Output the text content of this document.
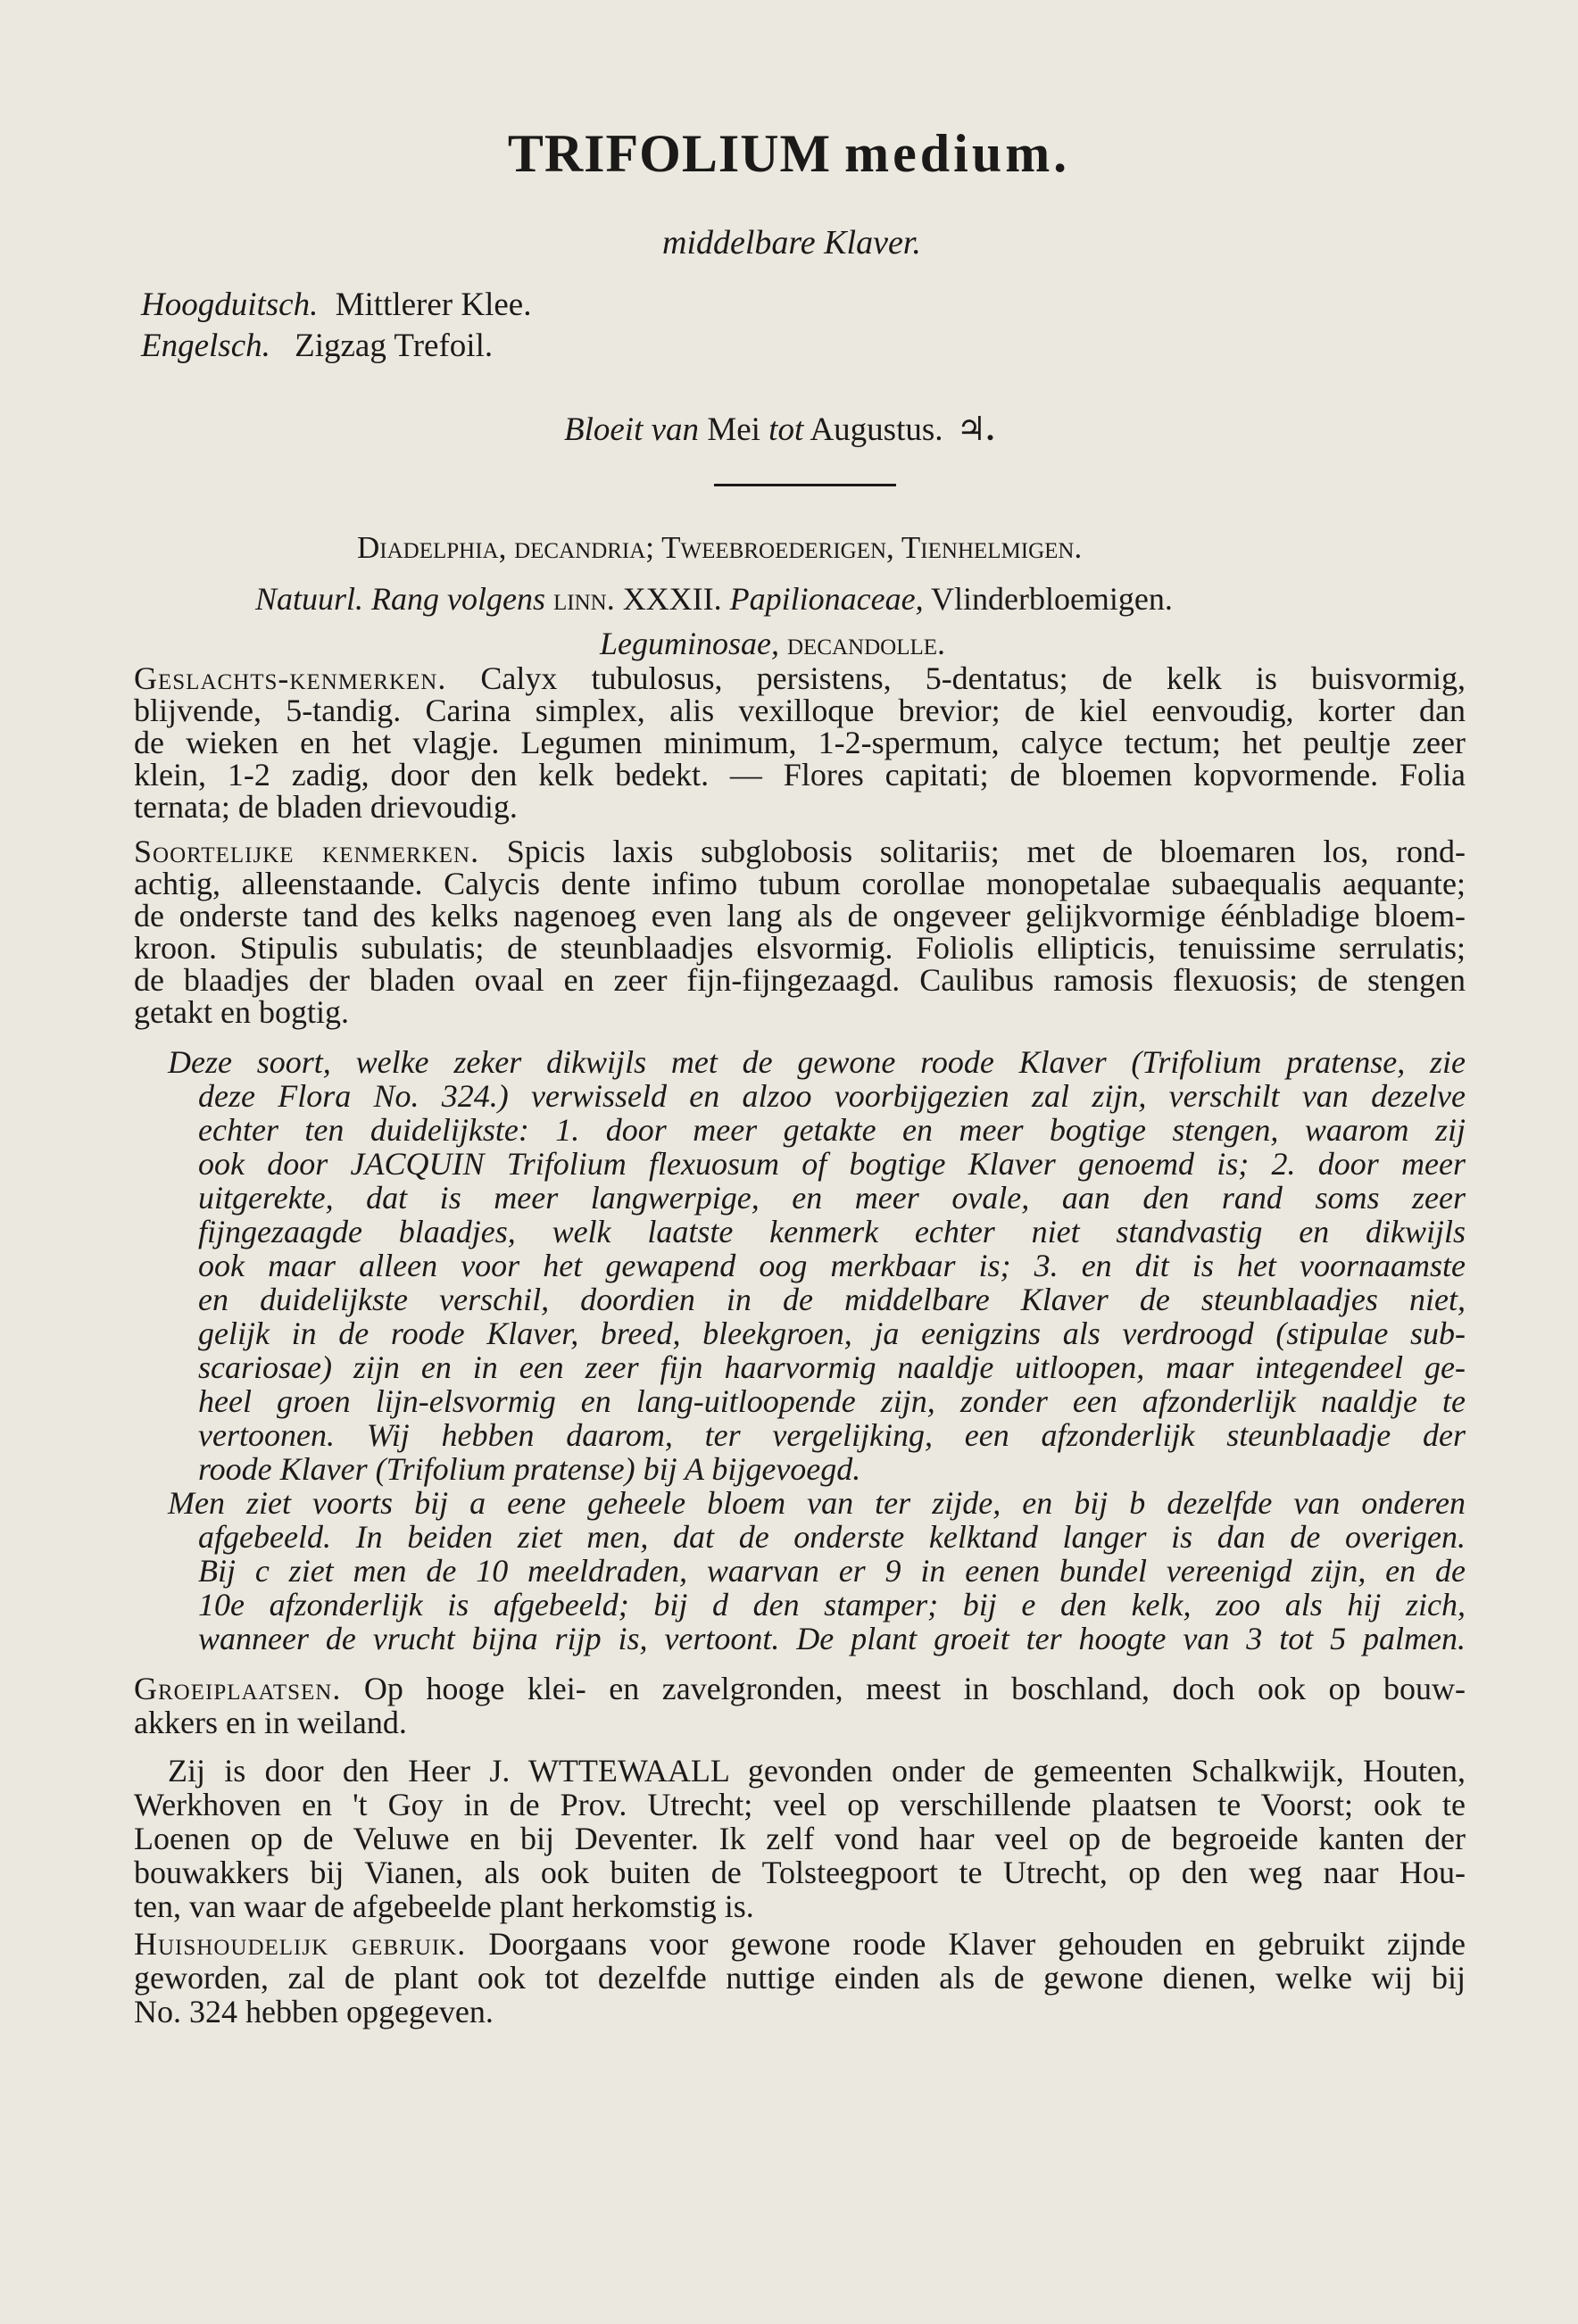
TRIFOLIUM medium.
middelbare Klaver.
Hoogduitsch. Mittlerer Klee.
Engelsch. Zigzag Trefoil.
Bloeit van Mei tot Augustus. ♃.
Diadelphia, decandria; Tweebroederigen, Tienhelmigen.
Natuurl. Rang volgens linn. XXXII. Papilionaceae, Vlinderbloemigen.
Leguminosae, decandolle.
Geslachts-kenmerken. Calyx tubulosus, persistens, 5-dentatus; de kelk is buisvormig,
blijvende, 5-tandig. Carina simplex, alis vexilloque brevior; de kiel eenvoudig, korter dan
de wieken en het vlagje. Legumen minimum, 1-2-spermum, calyce tectum; het peultje zeer
klein, 1-2 zadig, door den kelk bedekt. — Flores capitati; de bloemen kopvormende. Folia
ternata; de bladen drievoudig.
Soortelijke kenmerken. Spicis laxis subglobosis solitariis; met de bloemaren los, rond-
achtig, alleenstaande. Calycis dente infimo tubum corollae monopetalae subaequalis aequante;
de onderste tand des kelks nagenoeg even lang als de ongeveer gelijkvormige éénbladige bloem-
kroon. Stipulis subulatis; de steunblaadjes elsvormig. Foliolis ellipticis, tenuissime serrulatis;
de blaadjes der bladen ovaal en zeer fijn-fijngezaagd. Caulibus ramosis flexuosis; de stengen
getakt en bogtig.
Deze soort, welke zeker dikwijls met de gewone roode Klaver (Trifolium pratense, zie
deze Flora No. 324.) verwisseld en alzoo voorbijgezien zal zijn, verschilt van dezelve
echter ten duidelijkste: 1. door meer getakte en meer bogtige stengen, waarom zij
ook door JACQUIN Trifolium flexuosum of bogtige Klaver genoemd is; 2. door meer
uitgerekte, dat is meer langwerpige, en meer ovale, aan den rand soms zeer
fijngezaagde blaadjes, welk laatste kenmerk echter niet standvastig en dikwijls
ook maar alleen voor het gewapend oog merkbaar is; 3. en dit is het voornaamste
en duidelijkste verschil, doordien in de middelbare Klaver de steunblaadjes niet,
gelijk in de roode Klaver, breed, bleekgroen, ja eenigzins als verdroogd (stipulae sub-
scariosae) zijn en in een zeer fijn haarvormig naaldje uitloopen, maar integendeel ge-
heel groen lijn-elsvormig en lang-uitloopende zijn, zonder een afzonderlijk naaldje te
vertoonen. Wij hebben daarom, ter vergelijking, een afzonderlijk steunblaadje der
roode Klaver (Trifolium pratense) bij A bijgevoegd.
Men ziet voorts bij a eene geheele bloem van ter zijde, en bij b dezelfde van onderen
afgebeeld. In beiden ziet men, dat de onderste kelktand langer is dan de overigen.
Bij c ziet men de 10 meeldraden, waarvan er 9 in eenen bundel vereenigd zijn, en de
10e afzonderlijk is afgebeeld; bij d den stamper; bij e den kelk, zoo als hij zich,
wanneer de vrucht bijna rijp is, vertoont. De plant groeit ter hoogte van 3 tot 5 palmen.
Groeiplaatsen. Op hooge klei- en zavelgronden, meest in boschland, doch ook op bouw-
akkers en in weiland.
Zij is door den Heer J. WTTEWAALL gevonden onder de gemeenten Schalkwijk, Houten,
Werkhoven en 't Goy in de Prov. Utrecht; veel op verschillende plaatsen te Voorst; ook te
Loenen op de Veluwe en bij Deventer. Ik zelf vond haar veel op de begroeide kanten der
bouwakkers bij Vianen, als ook buiten de Tolsteegpoort te Utrecht, op den weg naar Hou-
ten, van waar de afgebeelde plant herkomstig is.
Huishoudelijk gebruik. Doorgaans voor gewone roode Klaver gehouden en gebruikt zijnde
geworden, zal de plant ook tot dezelfde nuttige einden als de gewone dienen, welke wij bij
No. 324 hebben opgegeven.
